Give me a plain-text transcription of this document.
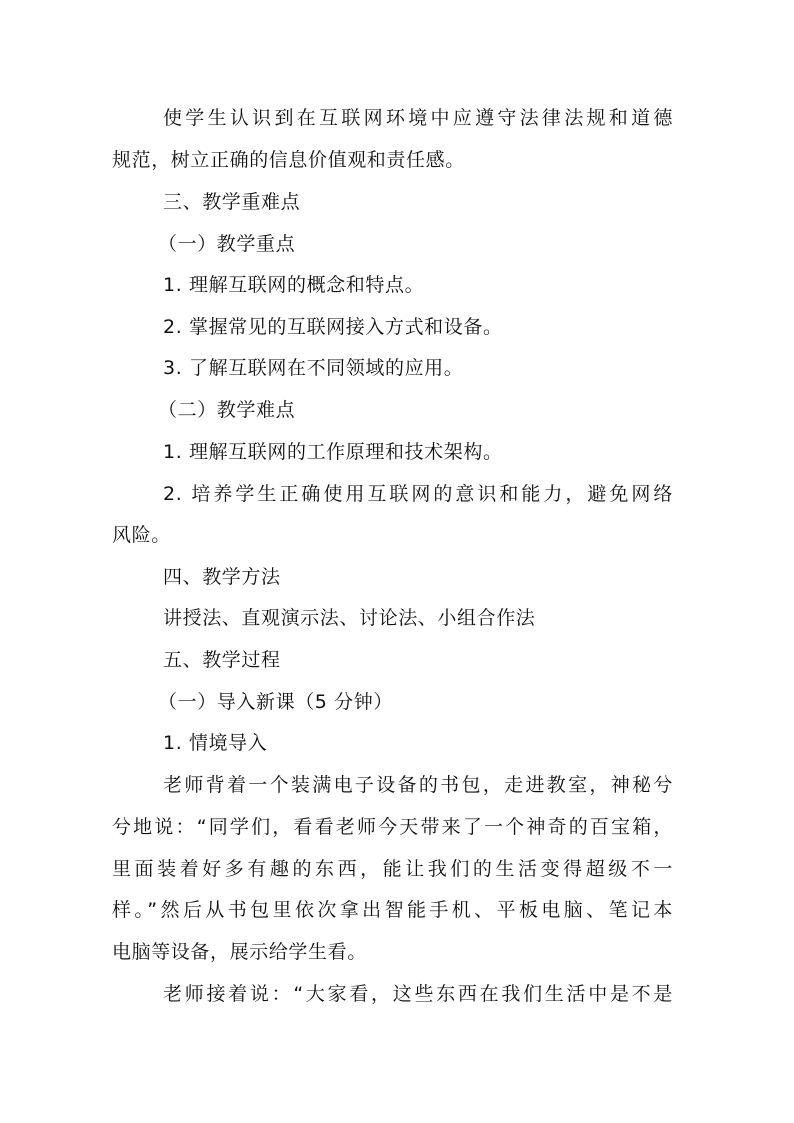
使学生认识到在互联网环境中应遵守法律法规和道德
规范，树立正确的信息价值观和责任感。
三、教学重难点
（一）教学重点
1. 理解互联网的概念和特点。
2. 掌握常见的互联网接入方式和设备。
3. 了解互联网在不同领域的应用。
（二）教学难点
1. 理解互联网的工作原理和技术架构。
2. 培养学生正确使用互联网的意识和能力，避免网络
风险。
四、教学方法
讲授法、直观演示法、讨论法、小组合作法
五、教学过程
（一）导入新课（5 分钟）
1. 情境导入
老师背着一个装满电子设备的书包，走进教室，神秘兮
兮地说：“同学们，看看老师今天带来了一个神奇的百宝箱，
里面装着好多有趣的东西，能让我们的生活变得超级不一
样。”然后从书包里依次拿出智能手机、平板电脑、笔记本
电脑等设备，展示给学生看。
老师接着说：“大家看，这些东西在我们生活中是不是
